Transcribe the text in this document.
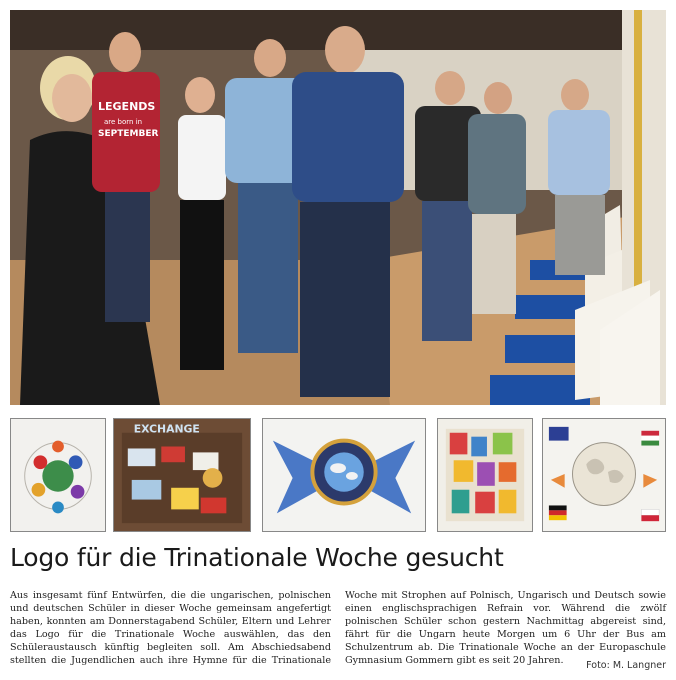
LEGENDS
are born in
SEPTEMBER
EXCHANGE
Logo für die Trinationale Woche gesucht

Aus insgesamt fünf Entwürfen, die die ungarischen, polnischen und deutschen Schüler in dieser Woche gemeinsam angefertigt haben, konnten am Donnerstagabend Schüler, Eltern und Lehrer das Logo für die Trinationale Woche auswählen, das den Schüleraustausch künftig begleiten soll. Am Abschiedsabend stellten die Jugendlichen auch ihre Hymne für die Trinationale Woche mit Strophen auf Polnisch, Ungarisch und Deutsch sowie einen englischsprachigen Refrain vor. Während die zwölf polnischen Schüler schon gestern Nachmittag abgereist sind, fährt für die Ungarn heute Morgen um 6 Uhr der Bus am Schulzentrum ab. Die Trinationale Woche an der Europaschule Gymnasium Gommern gibt es seit 20 Jahren.	Foto: M. Langner
